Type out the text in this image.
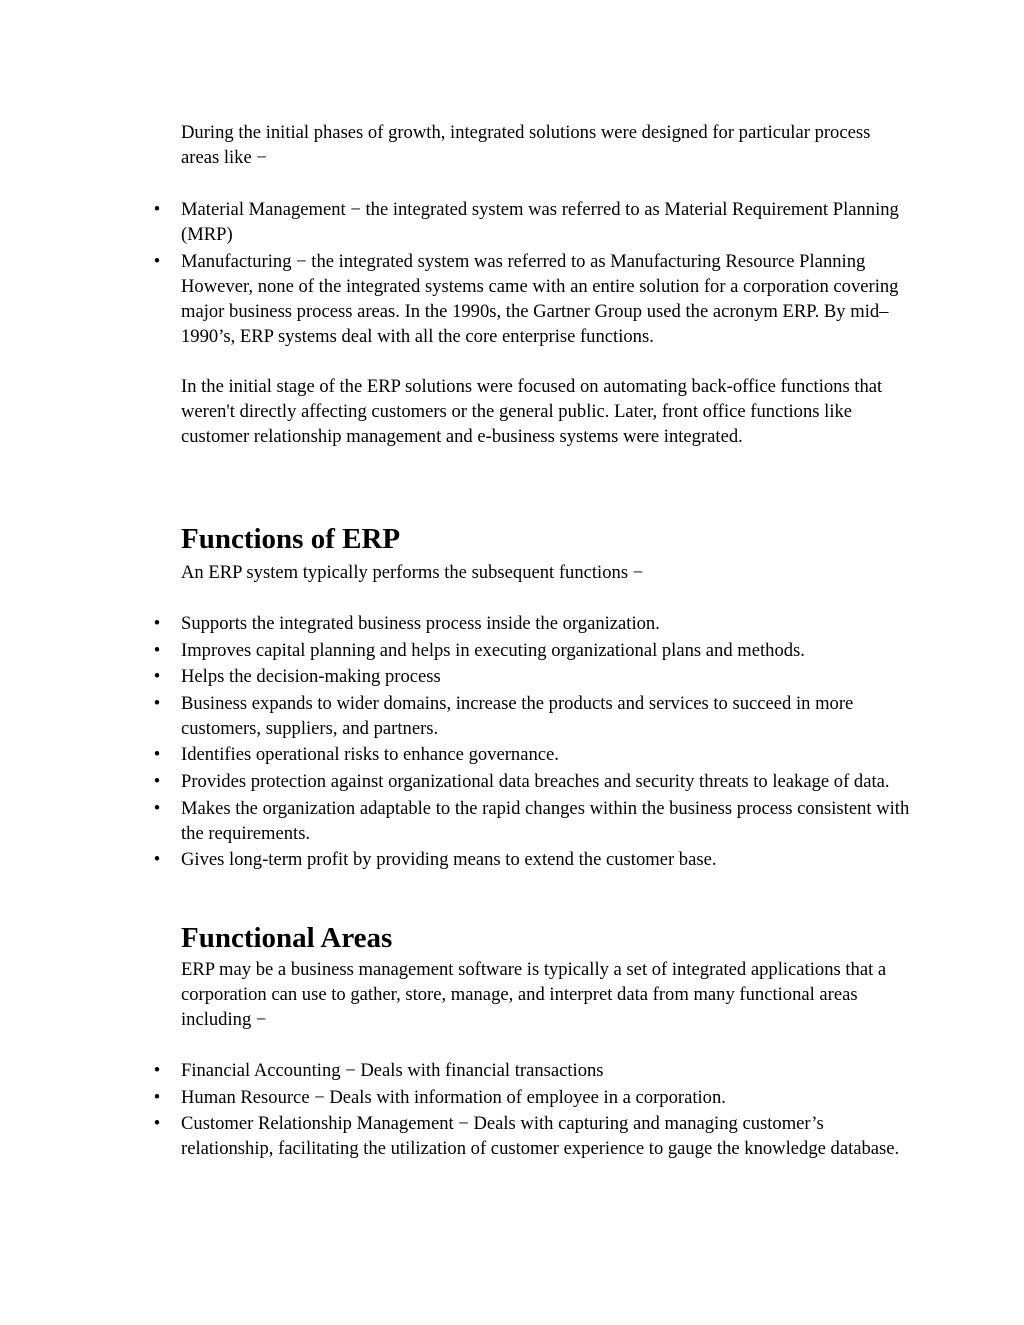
During the initial phases of growth, integrated solutions were designed for particular process areas like −

• Material Management − the integrated system was referred to as Material Requirement Planning (MRP)
• Manufacturing − the integrated system was referred to as Manufacturing Resource Planning
However, none of the integrated systems came with an entire solution for a corporation covering major business process areas. In the 1990s, the Gartner Group used the acronym ERP. By mid–1990’s, ERP systems deal with all the core enterprise functions.
In the initial stage of the ERP solutions were focused on automating back-office functions that weren't directly affecting customers or the general public. Later, front office functions like customer relationship management and e-business systems were integrated.
Functions of ERP

An ERP system typically performs the subsequent functions −

• Supports the integrated business process inside the organization.
• Improves capital planning and helps in executing organizational plans and methods.
• Helps the decision-making process
• Business expands to wider domains, increase the products and services to succeed in more customers, suppliers, and partners.
• Identifies operational risks to enhance governance.
• Provides protection against organizational data breaches and security threats to leakage of data.
• Makes the organization adaptable to the rapid changes within the business process consistent with the requirements.
• Gives long-term profit by providing means to extend the customer base.
Functional Areas

ERP may be a business management software is typically a set of integrated applications that a corporation can use to gather, store, manage, and interpret data from many functional areas including −

• Financial Accounting − Deals with financial transactions
• Human Resource − Deals with information of employee in a corporation.
• Customer Relationship Management − Deals with capturing and managing customer’s relationship, facilitating the utilization of customer experience to gauge the knowledge database.
